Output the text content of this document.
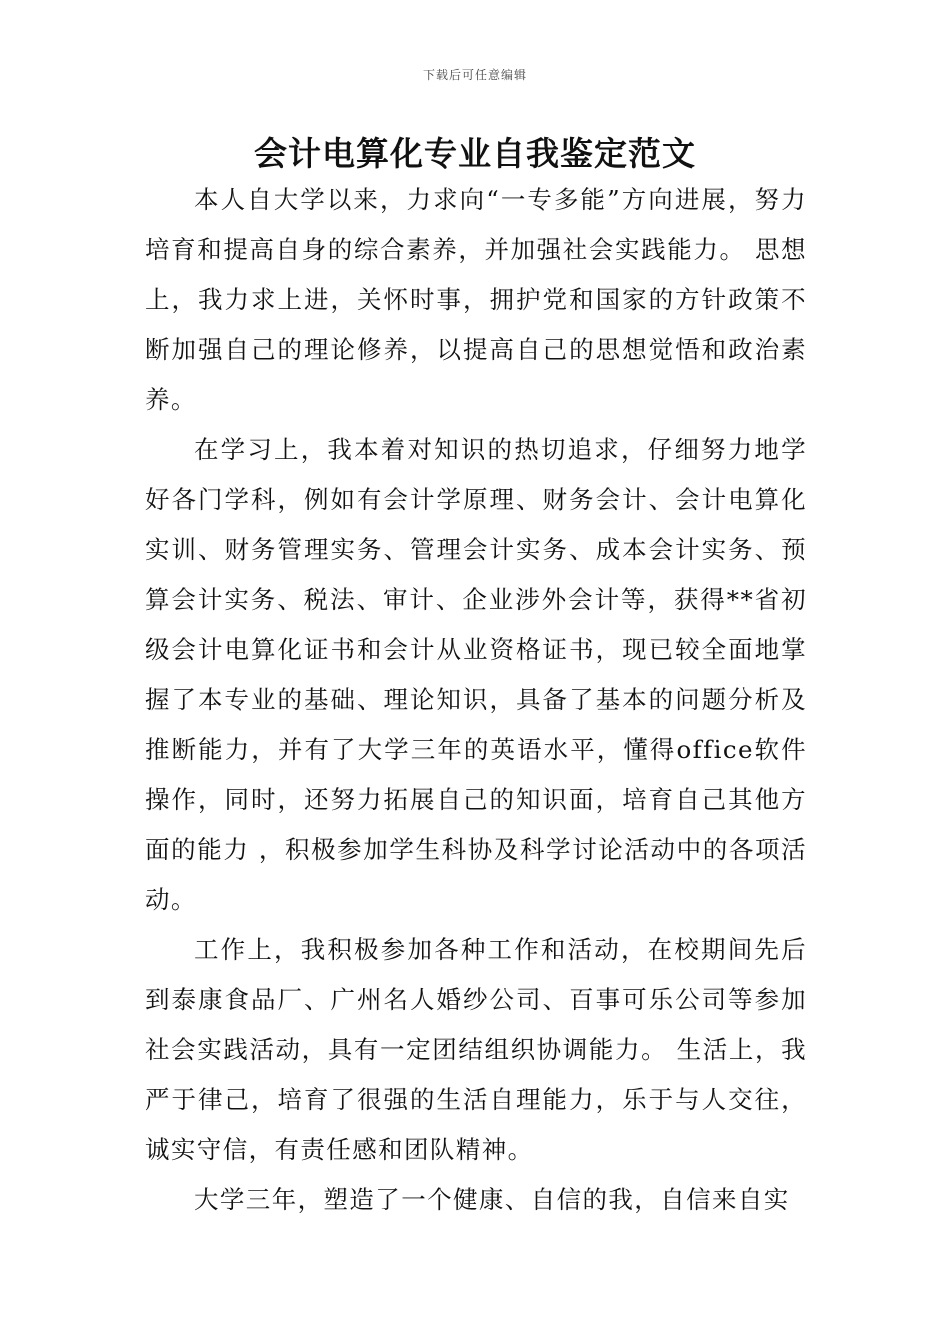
下载后可任意编辑
会计电算化专业自我鉴定范文

本人自大学以来，力求向“一专多能”方向进展，努力培育和提高自身的综合素养，并加强社会实践能力。 思想上，我力求上进，关怀时事，拥护党和国家的方针政策不断加强自己的理论修养，以提高自己的思想觉悟和政治素养。

在学习上，我本着对知识的热切追求，仔细努力地学好各门学科，例如有会计学原理、财务会计、会计电算化实训、财务管理实务、管理会计实务、成本会计实务、预算会计实务、税法、审计、企业涉外会计等，获得**省初级会计电算化证书和会计从业资格证书，现已较全面地掌握了本专业的基础、理论知识，具备了基本的问题分析及推断能力，并有了大学三年的英语水平，懂得office软件操作，同时，还努力拓展自己的知识面，培育自己其他方面的能力 ，积极参加学生科协及科学讨论活动中的各项活动。

工作上，我积极参加各种工作和活动，在校期间先后到泰康食品厂、广州名人婚纱公司、百事可乐公司等参加社会实践活动，具有一定团结组织协调能力。 生活上，我严于律己，培育了很强的生活自理能力，乐于与人交往，诚实守信，有责任感和团队精神。

大学三年，塑造了一个健康、自信的我，自信来自实
